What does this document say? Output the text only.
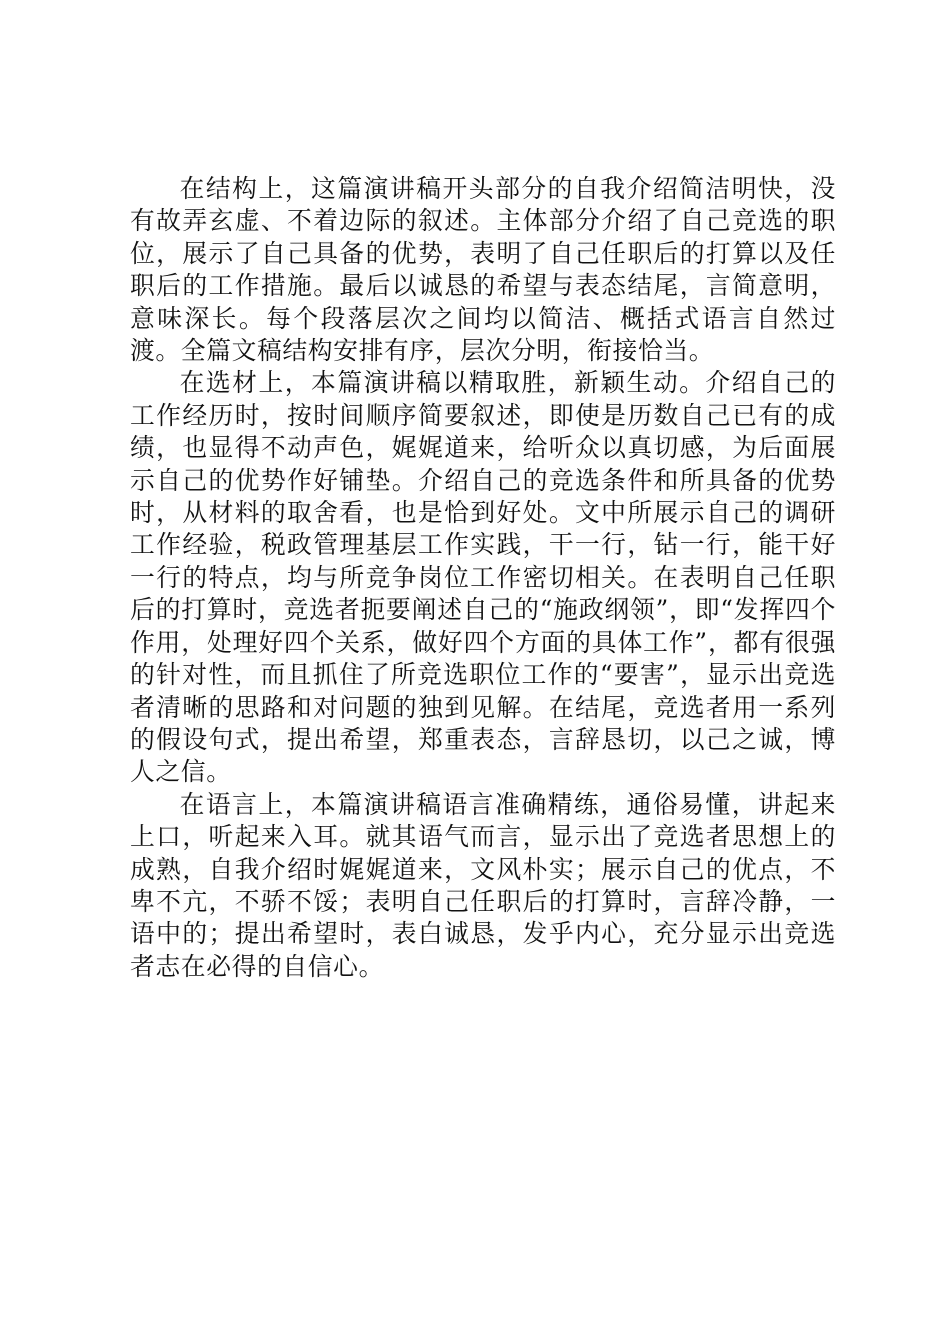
在结构上，这篇演讲稿开头部分的自我介绍简洁明快，没有故弄玄虚、不着边际的叙述。主体部分介绍了自己竞选的职位，展示了自己具备的优势，表明了自己任职后的打算以及任职后的工作措施。最后以诚恳的希望与表态结尾，言简意明，意味深长。每个段落层次之间均以简洁、概括式语言自然过渡。全篇文稿结构安排有序，层次分明，衔接恰当。

在选材上，本篇演讲稿以精取胜，新颖生动。介绍自己的工作经历时，按时间顺序简要叙述，即使是历数自己已有的成绩，也显得不动声色，娓娓道来，给听众以真切感，为后面展示自己的优势作好铺垫。介绍自己的竞选条件和所具备的优势时，从材料的取舍看，也是恰到好处。文中所展示自己的调研工作经验，税政管理基层工作实践，干一行，钻一行，能干好一行的特点，均与所竞争岗位工作密切相关。在表明自己任职后的打算时，竞选者扼要阐述自己的“施政纲领”，即“发挥四个作用，处理好四个关系，做好四个方面的具体工作”，都有很强的针对性，而且抓住了所竞选职位工作的“要害”，显示出竞选者清晰的思路和对问题的独到见解。在结尾，竞选者用一系列的假设句式，提出希望，郑重表态，言辞恳切，以己之诚，博人之信。

在语言上，本篇演讲稿语言准确精练，通俗易懂，讲起来上口，听起来入耳。就其语气而言，显示出了竞选者思想上的成熟，自我介绍时娓娓道来，文风朴实；展示自己的优点，不卑不亢，不骄不馁；表明自己任职后的打算时，言辞冷静，一语中的；提出希望时，表白诚恳，发乎内心，充分显示出竞选者志在必得的自信心。
